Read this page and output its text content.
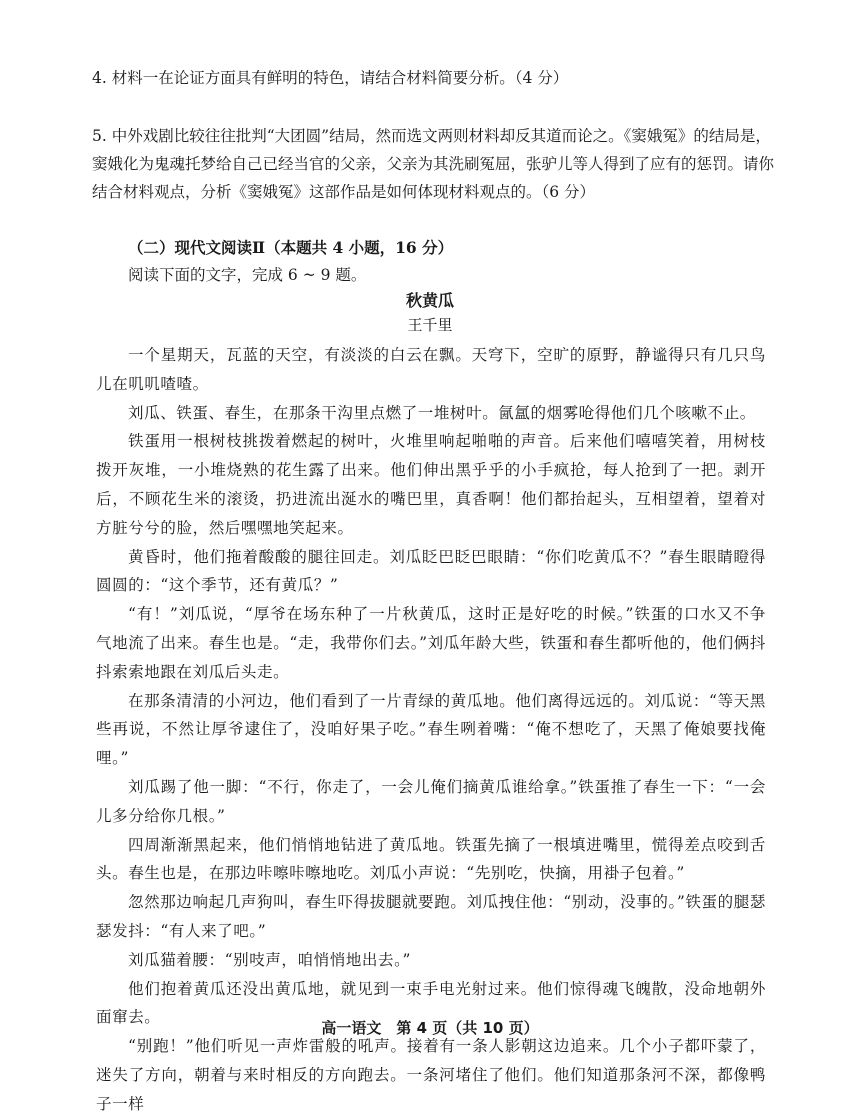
4. 材料一在论证方面具有鲜明的特色，请结合材料简要分析。（4 分）

5. 中外戏剧比较往往批判“大团圆”结局，然而选文两则材料却反其道而论之。《窦娥冤》的结局是，窦娥化为鬼魂托梦给自己已经当官的父亲，父亲为其洗刷冤屈，张驴儿等人得到了应有的惩罚。请你结合材料观点，分析《窦娥冤》这部作品是如何体现材料观点的。（6 分）

（二）现代文阅读Ⅱ（本题共 4 小题，16 分）

阅读下面的文字，完成 6 ~ 9 题。

秋黄瓜

王千里

一个星期天，瓦蓝的天空，有淡淡的白云在飘。天穹下，空旷的原野，静谧得只有几只鸟儿在叽叽喳喳。

刘瓜、铁蛋、春生，在那条干沟里点燃了一堆树叶。氤氲的烟雾呛得他们几个咳嗽不止。

铁蛋用一根树枝挑拨着燃起的树叶，火堆里响起啪啪的声音。后来他们嘻嘻笑着，用树枝拨开灰堆，一小堆烧熟的花生露了出来。他们伸出黑乎乎的小手疯抢，每人抢到了一把。剥开后，不顾花生米的滚烫，扔进流出涎水的嘴巴里，真香啊！他们都抬起头，互相望着，望着对方脏兮兮的脸，然后嘿嘿地笑起来。

黄昏时，他们拖着酸酸的腿往回走。刘瓜眨巴眨巴眼睛：“你们吃黄瓜不？”春生眼睛瞪得圆圆的：“这个季节，还有黄瓜？”

“有！”刘瓜说，“厚爷在场东种了一片秋黄瓜，这时正是好吃的时候。”铁蛋的口水又不争气地流了出来。春生也是。“走，我带你们去。”刘瓜年龄大些，铁蛋和春生都听他的，他们俩抖抖索索地跟在刘瓜后头走。

在那条清清的小河边，他们看到了一片青绿的黄瓜地。他们离得远远的。刘瓜说：“等天黑些再说，不然让厚爷逮住了，没咱好果子吃。”春生咧着嘴：“俺不想吃了，天黑了俺娘要找俺哩。”

刘瓜踢了他一脚：“不行，你走了，一会儿俺们摘黄瓜谁给拿。”铁蛋推了春生一下：“一会儿多分给你几根。”

四周渐渐黑起来，他们悄悄地钻进了黄瓜地。铁蛋先摘了一根填进嘴里，慌得差点咬到舌头。春生也是，在那边咔嚓咔嚓地吃。刘瓜小声说：“先别吃，快摘，用褂子包着。”

忽然那边响起几声狗叫，春生吓得拔腿就要跑。刘瓜拽住他：“别动，没事的。”铁蛋的腿瑟瑟发抖：“有人来了吧。”

刘瓜猫着腰：“别吱声，咱悄悄地出去。”

他们抱着黄瓜还没出黄瓜地，就见到一束手电光射过来。他们惊得魂飞魄散，没命地朝外面窜去。

“别跑！”他们听见一声炸雷般的吼声。接着有一条人影朝这边追来。几个小子都吓蒙了，迷失了方向，朝着与来时相反的方向跑去。一条河堵住了他们。他们知道那条河不深，都像鸭子一样

高一语文　第 4 页（共 10 页）
